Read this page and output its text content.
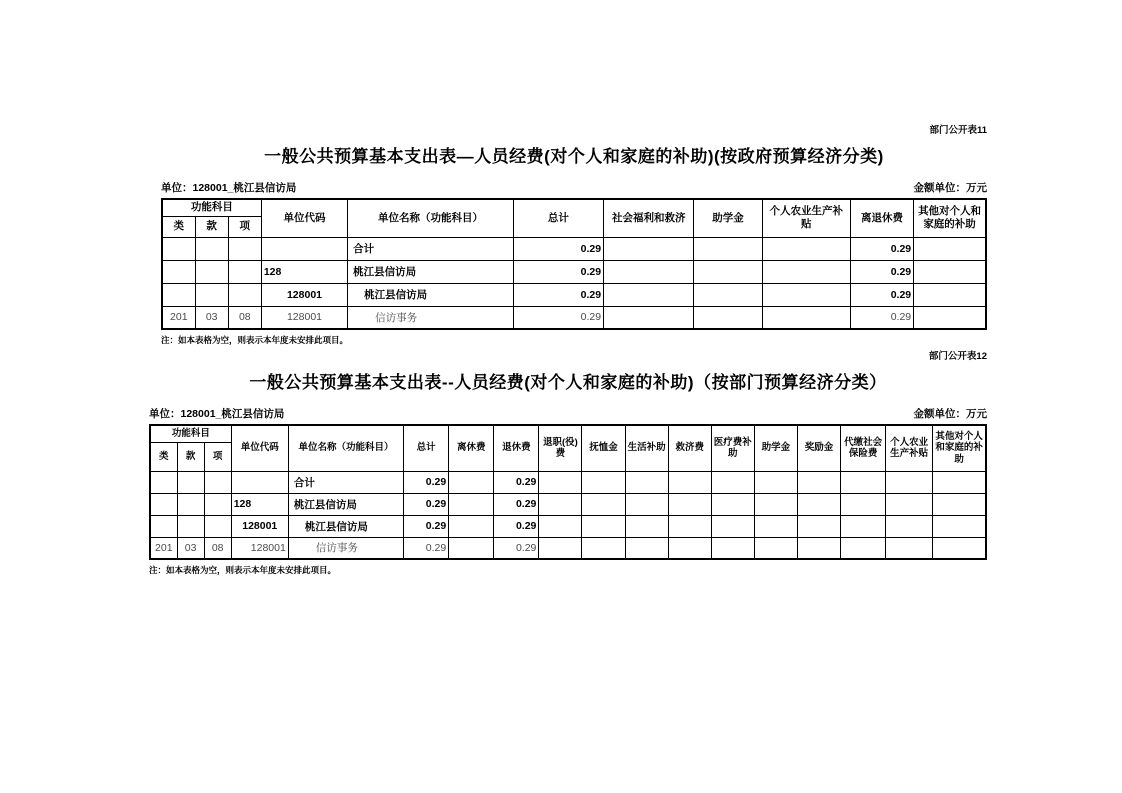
部门公开表11
一般公共预算基本支出表—人员经费(对个人和家庭的补助)(按政府预算经济分类)
单位：128001_桃江县信访局	金额单位：万元
功能科目			单位代码	单位名称（功能科目）	总计	社会福利和救济	助学金	个人农业生产补贴	离退休费	其他对个人和家庭的补助
类	款	项								
				合计	0.29				0.29	
			128	桃江县信访局	0.29				0.29	
			128001	桃江县信访局	0.29				0.29	
201	03	08	128001	信访事务	0.29				0.29	
注：如本表格为空，则表示本年度未安排此项目。
部门公开表12
一般公共预算基本支出表--人员经费(对个人和家庭的补助)（按部门预算经济分类）
单位：128001_桃江县信访局	金额单位：万元
功能科目			单位代码	单位名称（功能科目）	总计	离休费	退休费	退职(役)费	抚恤金	生活补助	救济费	医疗费补助	助学金	奖励金	代缴社会保险费	个人农业生产补贴	其他对个人和家庭的补助
类	款	项															
				合计	0.29		0.29										
			128	桃江县信访局	0.29		0.29										
			128001	桃江县信访局	0.29		0.29										
201	03	08	128001	信访事务	0.29		0.29										
注：如本表格为空，则表示本年度未安排此项目。
